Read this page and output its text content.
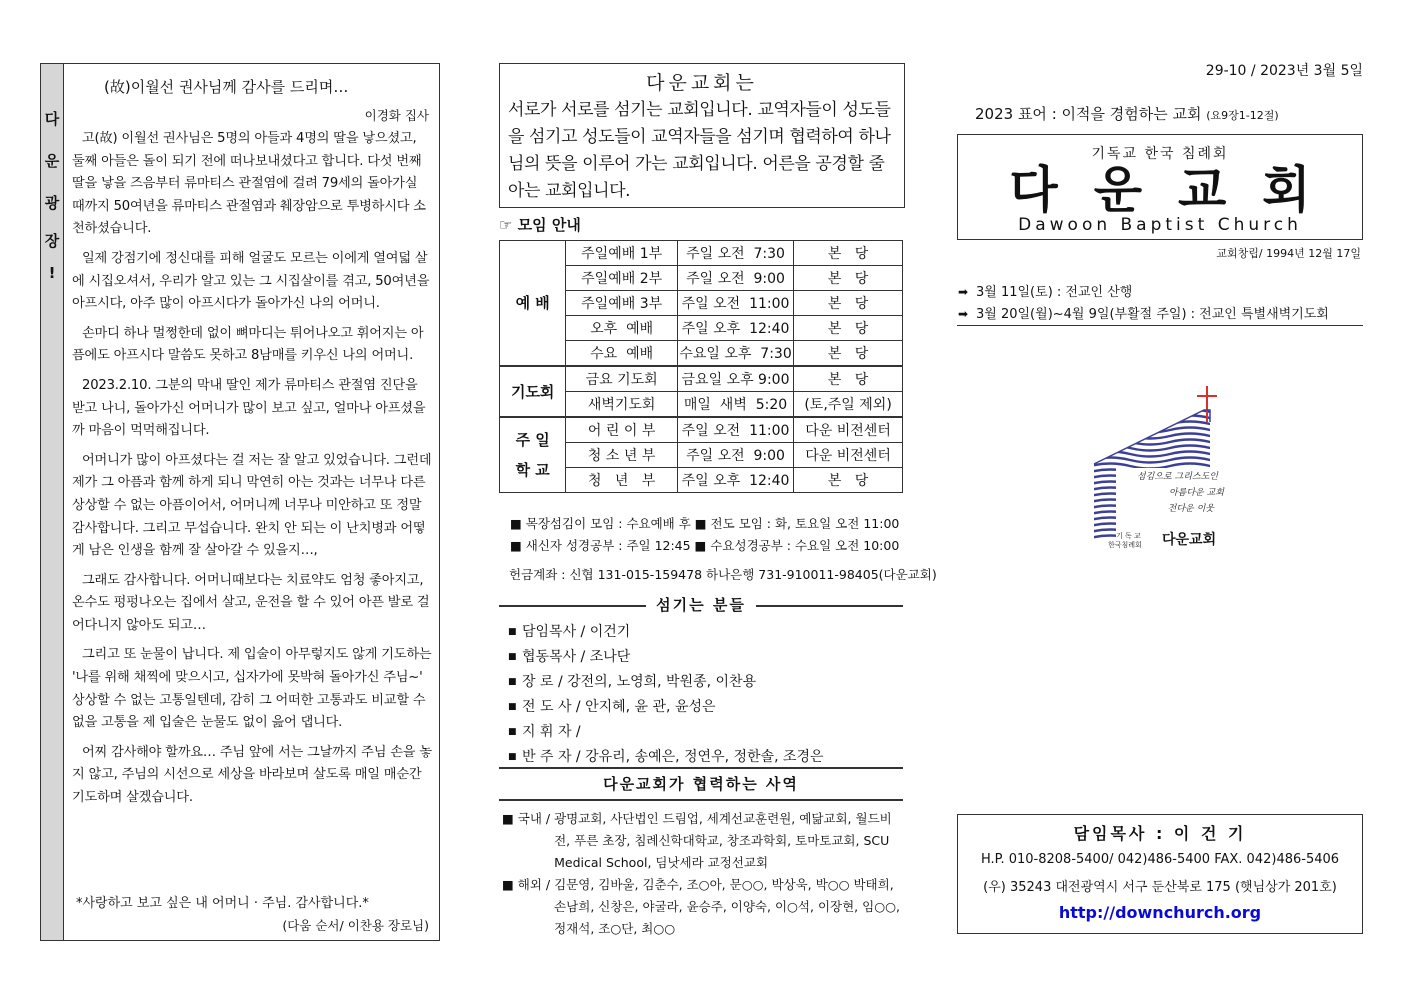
다
운
광
장
!
(故)이월선 권사님께 감사를 드리며…
이경화 집사

고(故) 이월선 권사님은 5명의 아들과 4명의 딸을 낳으셨고, 둘째 아들은 돌이 되기 전에 떠나보내셨다고 합니다. 다섯 번째 딸을 낳을 즈음부터 류마티스 관절염에 걸려 79세의 돌아가실 때까지 50여년을 류마티스 관절염과 췌장암으로 투병하시다 소천하셨습니다.

일제 강점기에 정신대를 피해 얼굴도 모르는 이에게 열여덟 살에 시집오셔서, 우리가 알고 있는 그 시집살이를 겪고, 50여년을 아프시다, 아주 많이 아프시다가 돌아가신 나의 어머니.

손마디 하나 멀쩡한데 없이 뼈마디는 튀어나오고 휘어지는 아픔에도 아프시다 말씀도 못하고 8남매를 키우신 나의 어머니.

2023.2.10. 그분의 막내 딸인 제가 류마티스 관절염 진단을 받고 나니, 돌아가신 어머니가 많이 보고 싶고, 얼마나 아프셨을까 마음이 먹먹해집니다.

어머니가 많이 아프셨다는 걸 저는 잘 알고 있었습니다. 그런데 제가 그 아픔과 함께 하게 되니 막연히 아는 것과는 너무나 다른 상상할 수 없는 아픔이어서, 어머니께 너무나 미안하고 또 정말 감사합니다. 그리고 무섭습니다. 완치 안 되는 이 난치병과 어떻게 남은 인생을 함께 잘 살아갈 수 있을지…,

그래도 감사합니다. 어머니때보다는 치료약도 엄청 좋아지고, 온수도 펑펑나오는 집에서 살고, 운전을 할 수 있어 아픈 발로 걸어다니지 않아도 되고…

그리고 또 눈물이 납니다. 제 입술이 아무렇지도 않게 기도하는 '나를 위해 채찍에 맞으시고, 십자가에 못박혀 돌아가신 주님~' 상상할 수 없는 고통일텐데, 감히 그 어떠한 고통과도 비교할 수 없을 고통을 제 입술은 눈물도 없이 읊어 댑니다.

어찌 감사해야 할까요… 주님 앞에 서는 그날까지 주님 손을 놓지 않고, 주님의 시선으로 세상을 바라보며 살도록 매일 매순간 기도하며 살겠습니다.

*사랑하고 보고 싶은 내 어머니 · 주님. 감사합니다.*
(다움 순서/ 이찬용 장로님)
다운교회는
서로가 서로를 섬기는 교회입니다. 교역자들이 성도들을 섬기고 성도들이 교역자들을 섬기며 협력하여 하나님의 뜻을 이루어 가는 교회입니다. 어른을 공경할 줄 아는 교회입니다.
☞ 모임 안내
예 배	주일예배 1부	주일 오전  7:30	본   당
	주일예배 2부	주일 오전  9:00	본   당
	주일예배 3부	주일 오전  11:00	본   당
	오후  예배	주일 오후  12:40	본   당
	수요  예배	수요일 오후  7:30	본   당
기도회	금요 기도회	금요일 오후 9:00	본   당
	새벽기도회	매일  새벽  5:20	(토,주일 제외)
주 일 학 교	어 린 이 부	주일 오전  11:00	다운 비전센터
	청 소 년 부	주일 오전  9:00	다운 비전센터
	청   년   부	주일 오후  12:40	본   당
■ 목장섬김이 모임 : 수요예배 후 ■ 전도 모임 : 화, 토요일 오전 11:00
■ 새신자 성경공부 : 주일 12:45 ■ 수요성경공부 : 수요일 오전 10:00
헌금계좌 : 신협 131-015-159478 하나은행 731-910011-98405(다운교회)
섬기는 분들
■ 담임목사 / 이건기
■ 협동목사 / 조나단
■ 장 로 / 강전의, 노영희, 박원종, 이찬용
■ 전 도 사 / 안지혜, 윤 관, 윤성은
■ 지 휘 자 /
■ 반 주 자 / 강유리, 송예은, 정연우, 정한솔, 조경은
다운교회가 협력하는 사역
■ 국내 / 광명교회, 사단법인 드림업, 세계선교훈련원, 예닮교회, 월드비전, 푸른 초장, 침례신학대학교, 창조과학회, 토마토교회, SCU Medical School, 딤낫세라 교정선교회
■ 해외 / 김문영, 김바울, 김춘수, 조○아, 문○○, 박상욱, 박○○ 박태희, 손남희, 신창은, 야굴라, 윤승주, 이양숙, 이○석, 이장현, 임○○, 정재석, 조○단, 최○○
29-10 / 2023년 3월 5일
2023 표어 : 이적을 경험하는 교회 (요9장1-12절)
기독교 한국 침례회
다운교회
Dawoon Baptist Church
교회창립/ 1994년 12월 17일
➡ 3월 11일(토) : 전교인 산행
➡ 3월 20일(월)~4월 9일(부활절 주일) : 전교인 특별새벽기도회
섬김으로 그리스도인
아름다운 교회
전다운 이웃
기 독 교 한국침례회 다운교회
담임목사 : 이 건 기
H.P. 010-8208-5400/ 042)486-5400 FAX. 042)486-5406
(우) 35243 대전광역시 서구 둔산북로 175 (햇님상가 201호)
http://downchurch.org
